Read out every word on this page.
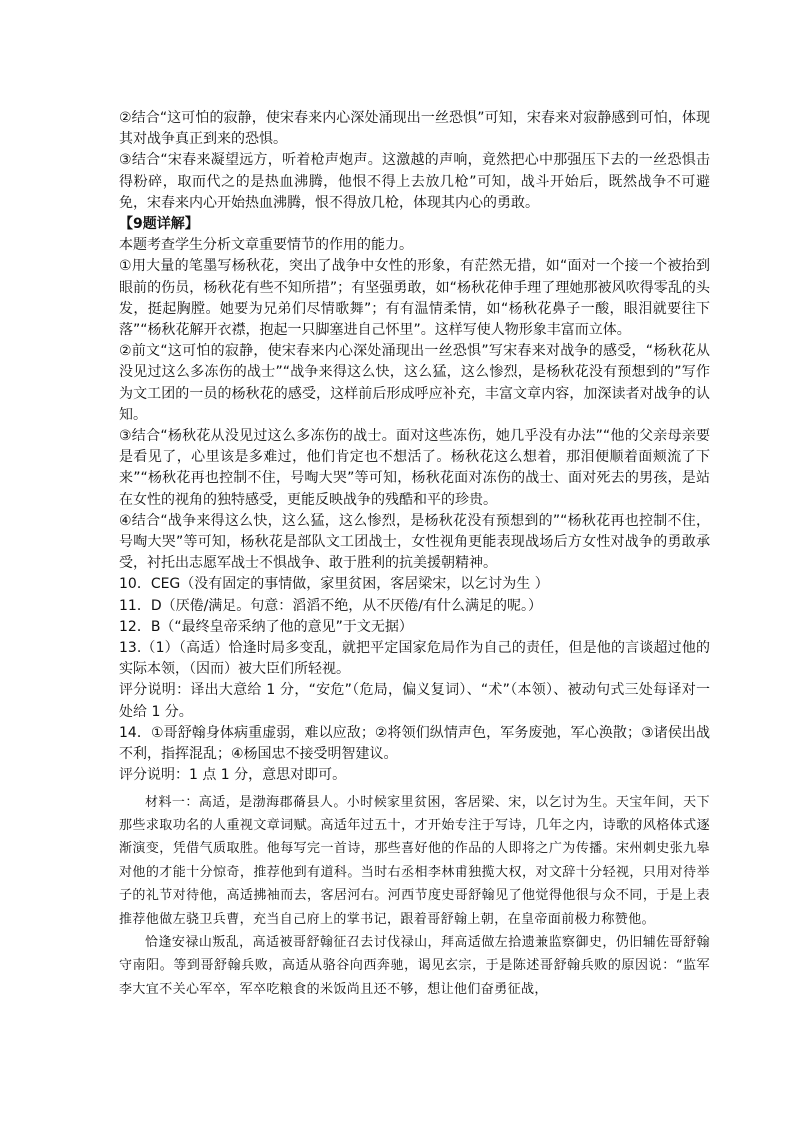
②结合“这可怕的寂静，使宋春来内心深处涌现出一丝恐惧”可知，宋春来对寂静感到可怕，体现其对战争真正到来的恐惧。

③结合“宋春来凝望远方，听着枪声炮声。这激越的声响，竟然把心中那强压下去的一丝恐惧击得粉碎，取而代之的是热血沸腾，他恨不得上去放几枪”可知，战斗开始后，既然战争不可避免，宋春来内心开始热血沸腾，恨不得放几枪，体现其内心的勇敢。

【9题详解】

本题考查学生分析文章重要情节的作用的能力。

①用大量的笔墨写杨秋花，突出了战争中女性的形象，有茫然无措，如“面对一个接一个被抬到眼前的伤员，杨秋花有些不知所措”；有坚强勇敢，如“杨秋花伸手理了理她那被风吹得零乱的头发，挺起胸膛。她要为兄弟们尽情歌舞”；有有温情柔情，如“杨秋花鼻子一酸，眼泪就要往下落”“杨秋花解开衣襟，抱起一只脚塞进自己怀里”。这样写使人物形象丰富而立体。

②前文“这可怕的寂静，使宋春来内心深处涌现出一丝恐惧”写宋春来对战争的感受，“杨秋花从没见过这么多冻伤的战士”“战争来得这么快，这么猛，这么惨烈，是杨秋花没有预想到的”写作为文工团的一员的杨秋花的感受，这样前后形成呼应补充，丰富文章内容，加深读者对战争的认知。

③结合“杨秋花从没见过这么多冻伤的战士。面对这些冻伤，她几乎没有办法”“他的父亲母亲要是看见了，心里该是多难过，他们肯定也不想活了。杨秋花这么想着，那泪便顺着面颊流了下来”“杨秋花再也控制不住，号啕大哭”等可知，杨秋花面对冻伤的战士、面对死去的男孩，是站在女性的视角的独特感受，更能反映战争的残酷和平的珍贵。

④结合“战争来得这么快，这么猛，这么惨烈，是杨秋花没有预想到的”“杨秋花再也控制不住，号啕大哭”等可知，杨秋花是部队文工团战士，女性视角更能表现战场后方女性对战争的勇敢承受，衬托出志愿军战士不惧战争、敢于胜利的抗美援朝精神。

10．CEG（没有固定的事情做，家里贫困，客居梁宋，以乞讨为生 ）

11．D（厌倦/满足。句意：滔滔不绝，从不厌倦/有什么满足的呢。）

12．B（“最终皇帝采纳了他的意见”于文无据）

13.（1）（高适）恰逢时局多变乱，就把平定国家危局作为自己的责任，但是他的言谈超过他的实际本领，（因而）被大臣们所轻视。

评分说明：译出大意给 1 分，“安危”（危局，偏义复词）、“术”（本领）、被动句式三处每译对一处给 1 分。

14．①哥舒翰身体病重虚弱，难以应敌；②将领们纵情声色，军务废弛，军心涣散；③诸侯出战不利，指挥混乱；④杨国忠不接受明智建议。

评分说明：1 点 1 分，意思对即可。

材料一：高适，是渤海郡蓨县人。小时候家里贫困，客居梁、宋，以乞讨为生。天宝年间，天下那些求取功名的人重视文章词赋。高适年过五十，才开始专注于写诗，几年之内，诗歌的风格体式逐渐演变，凭借气质取胜。他每写完一首诗，那些喜好他的作品的人即将之广为传播。宋州刺史张九皋对他的才能十分惊奇，推荐他到有道科。当时右丞相李林甫独揽大权，对文辞十分轻视，只用对待举子的礼节对待他，高适拂袖而去，客居河右。河西节度史哥舒翰见了他觉得他很与众不同，于是上表推荐他做左骁卫兵曹，充当自己府上的掌书记，跟着哥舒翰上朝，在皇帝面前极力称赞他。

恰逢安禄山叛乱，高适被哥舒翰征召去讨伐禄山，拜高适做左拾遗兼监察御史，仍旧辅佐哥舒翰守南阳。等到哥舒翰兵败，高适从骆谷向西奔驰，谒见玄宗，于是陈述哥舒翰兵败的原因说：“监军李大宜不关心军卒，军卒吃粮食的米饭尚且还不够，想让他们奋勇征战，
